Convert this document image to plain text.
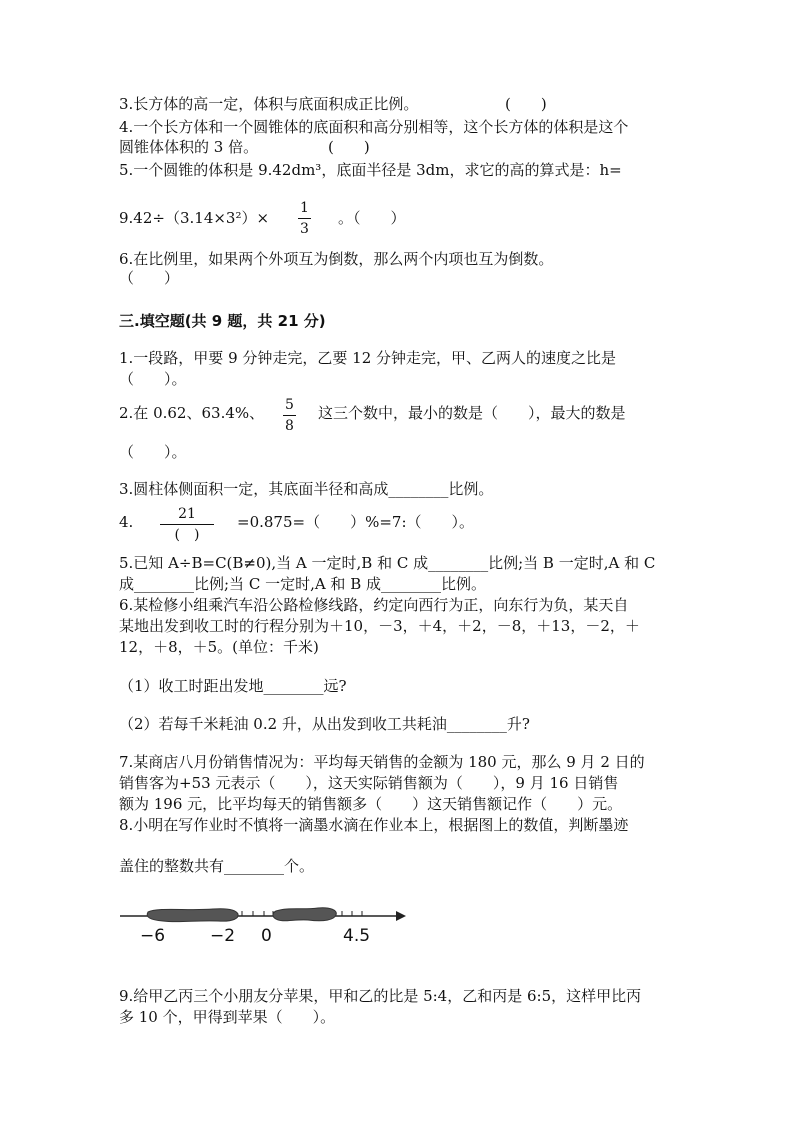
3.长方体的高一定，体积与底面积成正比例。	(　　)
4.一个长方体和一个圆锥体的底面积和高分别相等，这个长方体的体积是这个
圆锥体体积的 3 倍。	(　　)
5.一个圆锥的体积是 9.42dm³，底面半径是 3dm，求它的高的算式是：h=
9.42÷（3.14×3²）×
1
3
。（　　）
6.在比例里，如果两个外项互为倒数，那么两个内项也互为倒数。
（　　）
三.填空题(共 9 题，共 21 分)
1.一段路，甲要 9 分钟走完，乙要 12 分钟走完，甲、乙两人的速度之比是
（　　）。
2.在 0.62、63.4%、 5
8
这三个数中，最小的数是（　　），最大的数是
（　　）。
3.圆柱体侧面积一定，其底面半径和高成________比例。
4.	21
(　)
=0.875=（　　）%=7:（　　）。
5.已知 A÷B=C(B≠0),当 A 一定时,B 和 C 成________比例;当 B 一定时,A 和 C
成________比例;当 C 一定时,A 和 B 成________比例。
6.某检修小组乘汽车沿公路检修线路，约定向西行为正，向东行为负，某天自
某地出发到收工时的行程分别为＋10，－3，＋4，＋2，－8，＋13，－2，＋
12，＋8，＋5。(单位：千米)
（1）收工时距出发地________远?
（2）若每千米耗油 0.2 升，从出发到收工共耗油________升?
7.某商店八月份销售情况为：平均每天销售的金额为 180 元，那么 9 月 2 日的
销售客为+53 元表示（　　），这天实际销售额为（　　），9 月 16 日销售
额为 196 元，比平均每天的销售额多（　　）这天销售额记作（　　）元。
8.小明在写作业时不慎将一滴墨水滴在作业本上，根据图上的数值，判断墨迹
盖住的整数共有________个。
−6	−2 0	4.5
9.给甲乙丙三个小朋友分苹果，甲和乙的比是 5:4，乙和丙是 6:5，这样甲比丙
多 10 个，甲得到苹果（　　）。
